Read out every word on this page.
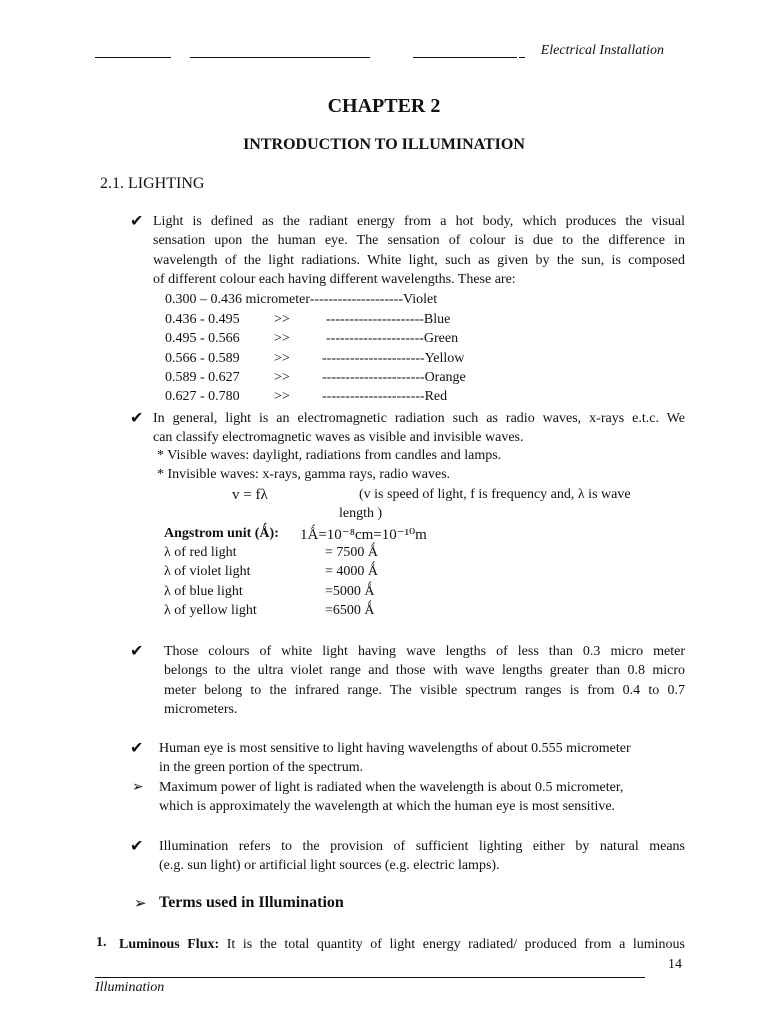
Electrical Installation
CHAPTER 2
INTRODUCTION TO ILLUMINATION
2.1. LIGHTING
✔ Light is defined as the radiant energy from a hot body, which produces the visual
sensation upon the human eye. The sensation of colour is due to the difference in
wavelength of the light radiations. White light, such as given by the sun, is composed
of different colour each having different wavelengths. These are:
0.300 – 0.436 micrometer--------------------Violet
0.436 - 0.495 >>	---------------------Blue
0.495 - 0.566 >>	---------------------Green
0.566 - 0.589 >> ----------------------Yellow
0.589 - 0.627 >> ----------------------Orange
0.627 - 0.780 >> ----------------------Red
✔ In general, light is an electromagnetic radiation such as radio waves, x-rays e.t.c. We
can classify electromagnetic waves as visible and invisible waves.
* Visible waves: daylight, radiations from candles and lamps.
* Invisible waves: x-rays, gamma rays, radio waves.
v = fλ	(v is speed of light, f is frequency and, λ is wave
length )
Angstrom unit (Ǻ): 1Ǻ=10⁻⁸cm=10⁻¹⁰m
λ of red light	= 7500 Ǻ
λ of violet light	= 4000 Ǻ
λ of blue light	=5000 Ǻ
λ of yellow light	=6500 Ǻ
✔ Those colours of white light having wave lengths of less than 0.3 micro meter
belongs to the ultra violet range and those with wave lengths greater than 0.8 micro
meter belong to the infrared range. The visible spectrum ranges is from 0.4 to 0.7
micrometers.
✔ Human eye is most sensitive to light having wavelengths of about 0.555 micrometer
in the green portion of the spectrum.
➢ Maximum power of light is radiated when the wavelength is about 0.5 micrometer,
which is approximately the wavelength at which the human eye is most sensitive.
✔ Illumination refers to the provision of sufficient lighting either by natural means
(e.g. sun light) or artificial light sources (e.g. electric lamps).
➢ Terms used in Illumination
1. Luminous Flux: It is the total quantity of light energy radiated/ produced from a luminous
14
Illumination
